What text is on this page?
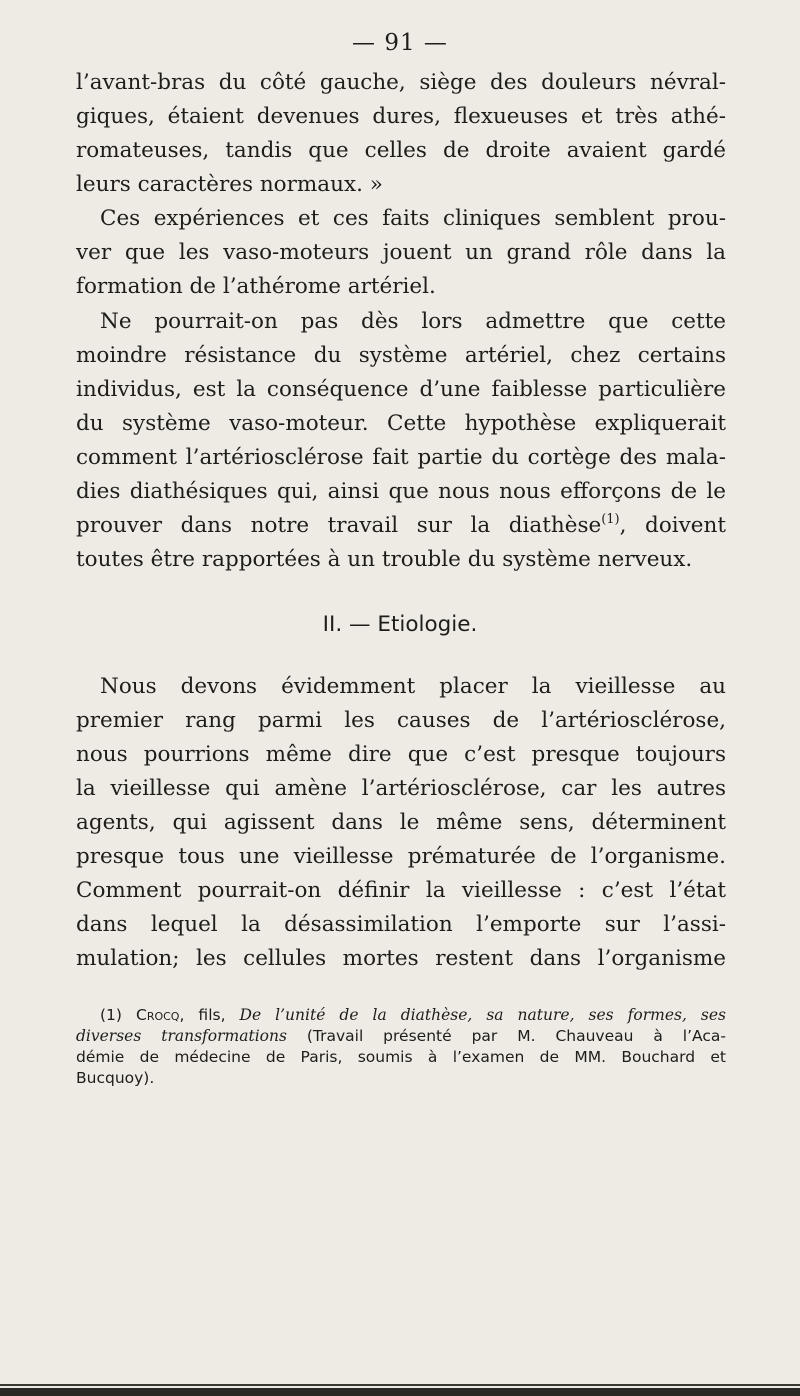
— 91 —
l’avant-bras du côté gauche, siège des douleurs névral-
giques, étaient devenues dures, flexueuses et très athé-
romateuses, tandis que celles de droite avaient gardé
leurs caractères normaux. »
Ces expériences et ces faits cliniques semblent prou-
ver que les vaso-moteurs jouent un grand rôle dans la
formation de l’athérome artériel.
Ne pourrait-on pas dès lors admettre que cette
moindre résistance du système artériel, chez certains
individus, est la conséquence d’une faiblesse particulière
du système vaso-moteur. Cette hypothèse expliquerait
comment l’artériosclérose fait partie du cortège des mala-
dies diathésiques qui, ainsi que nous nous efforçons de le
prouver dans notre travail sur la diathèse$^{(1)}$, doivent
toutes être rapportées à un trouble du système nerveux.
II. — Etiologie.
Nous devons évidemment placer la vieillesse au
premier rang parmi les causes de l’artériosclérose,
nous pourrions même dire que c’est presque toujours
la vieillesse qui amène l’artériosclérose, car les autres
agents, qui agissent dans le même sens, déterminent
presque tous une vieillesse prématurée de l’organisme.
Comment pourrait-on définir la vieillesse : c’est l’état
dans lequel la désassimilation l’emporte sur l’assi-
mulation; les cellules mortes restent dans l’organisme
(1) Crocq, fils, De l’unité de la diathèse, sa nature, ses formes, ses
diverses transformations (Travail présenté par M. Chauveau à l’Aca-
démie de médecine de Paris, soumis à l’examen de MM. Bouchard et
Bucquoy).
